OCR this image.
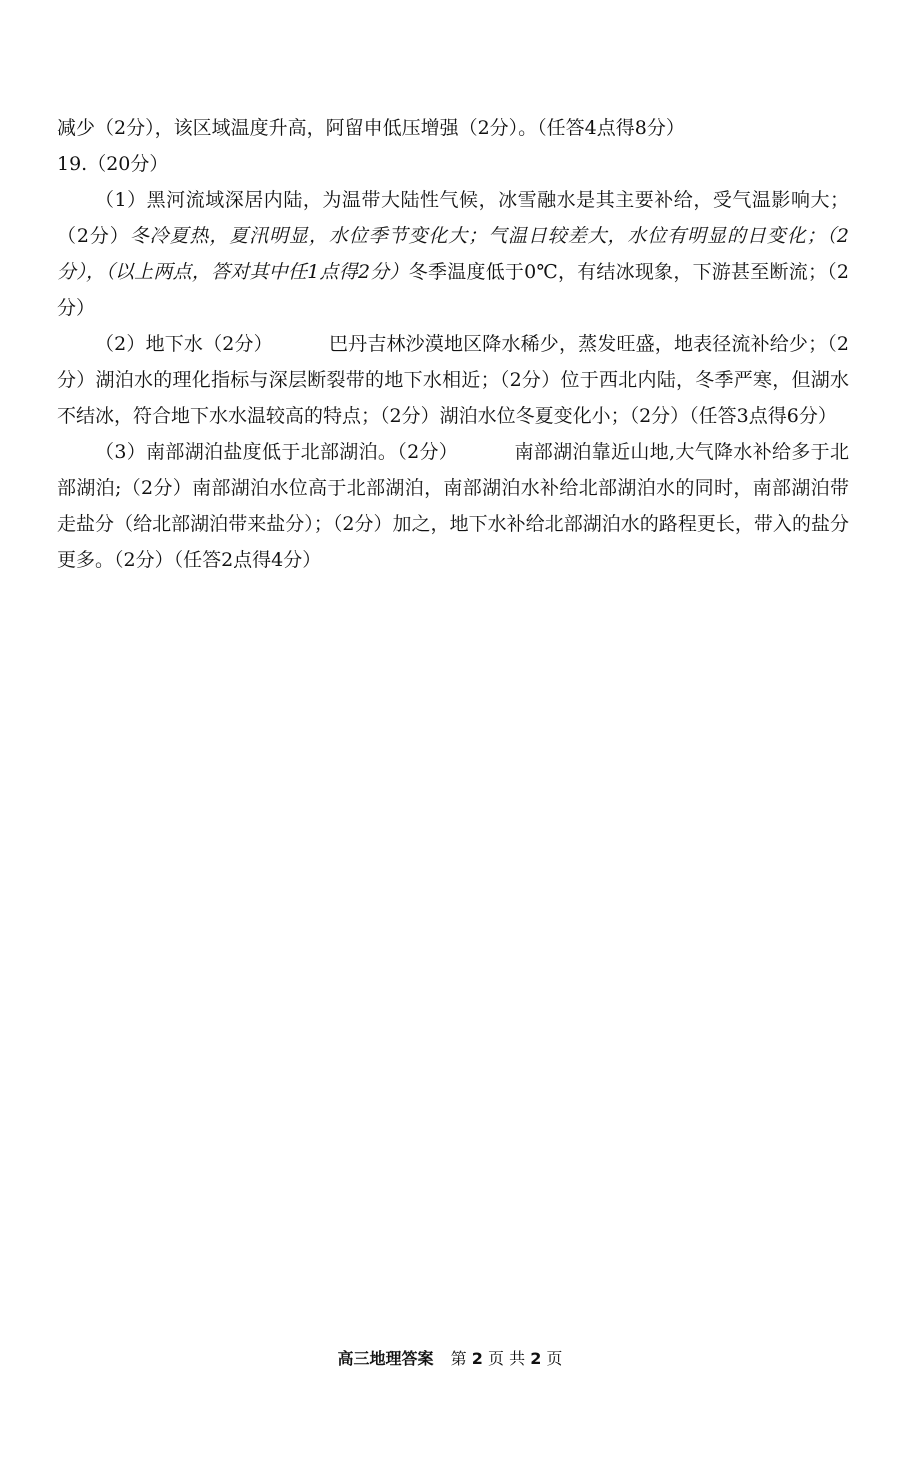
减少（2分），该区域温度升高，阿留申低压增强（2分）。（任答4点得8分）

19.（20分）

（1）黑河流域深居内陆，为温带大陆性气候，冰雪融水是其主要补给，受气温影响大；（2分）冬冷夏热，夏汛明显，水位季节变化大；气温日较差大，水位有明显的日变化；（2分），（以上两点，答对其中任1点得2分）冬季温度低于0℃，有结冰现象，下游甚至断流；（2分）

（2）地下水（2分）	巴丹吉林沙漠地区降水稀少，蒸发旺盛，地表径流补给少；（2分）湖泊水的理化指标与深层断裂带的地下水相近；（2分）位于西北内陆，冬季严寒，但湖水不结冰，符合地下水水温较高的特点；（2分）湖泊水位冬夏变化小；（2分）（任答3点得6分）

（3）南部湖泊盐度低于北部湖泊。（2分）	南部湖泊靠近山地,大气降水补给多于北部湖泊;（2分）南部湖泊水位高于北部湖泊，南部湖泊水补给北部湖泊水的同时，南部湖泊带走盐分（给北部湖泊带来盐分）；（2分）加之，地下水补给北部湖泊水的路程更长，带入的盐分更多。（2分）（任答2点得4分）

高三地理答案 第 2 页 共 2 页
